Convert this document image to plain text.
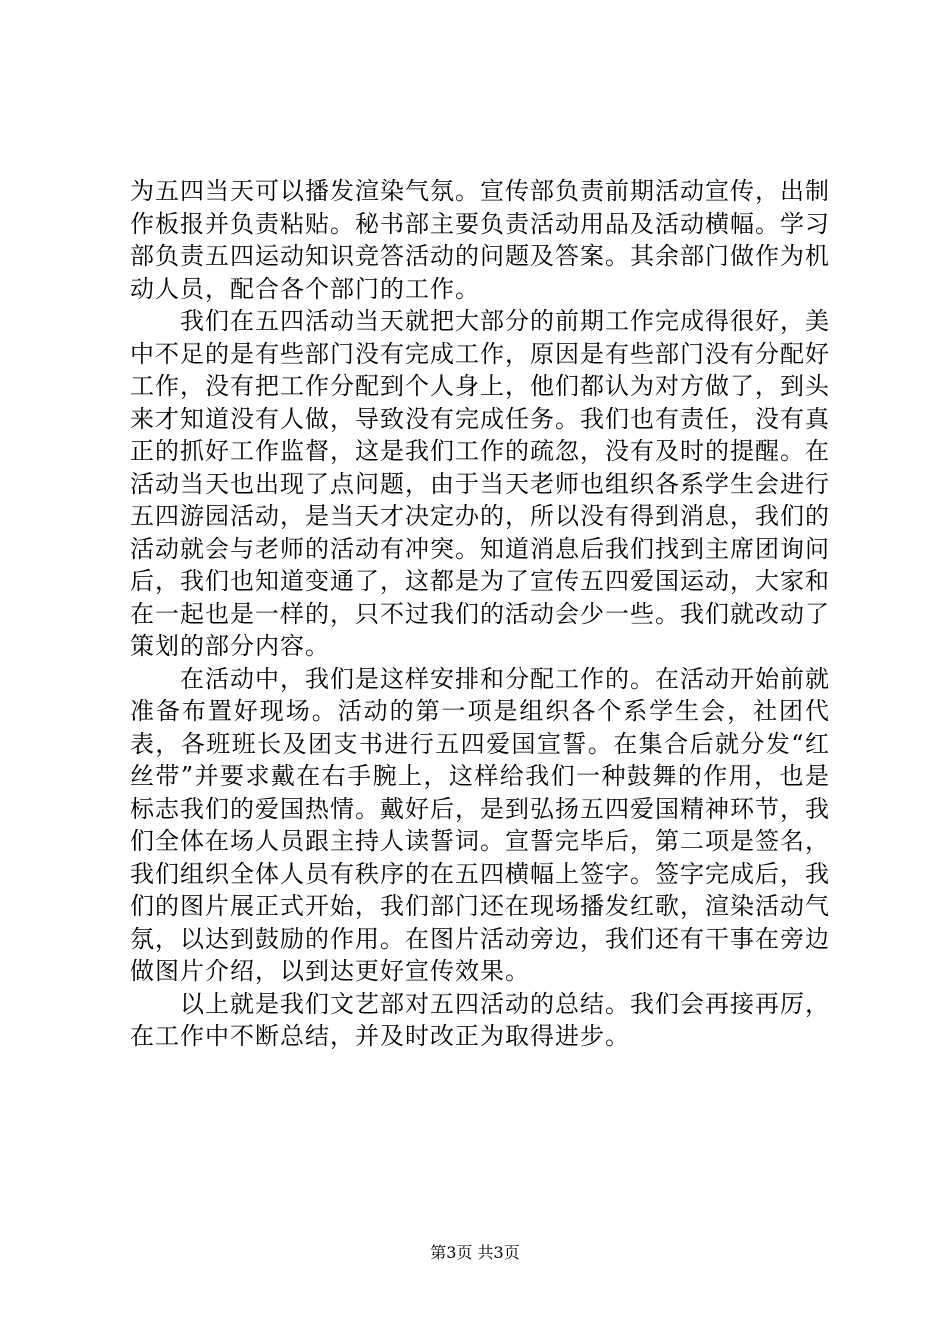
为五四当天可以播发渲染气氛。宣传部负责前期活动宣传，出制作板报并负责粘贴。秘书部主要负责活动用品及活动横幅。学习部负责五四运动知识竞答活动的问题及答案。其余部门做作为机动人员，配合各个部门的工作。

我们在五四活动当天就把大部分的前期工作完成得很好，美中不足的是有些部门没有完成工作，原因是有些部门没有分配好工作，没有把工作分配到个人身上，他们都认为对方做了，到头来才知道没有人做，导致没有完成任务。我们也有责任，没有真正的抓好工作监督，这是我们工作的疏忽，没有及时的提醒。在活动当天也出现了点问题，由于当天老师也组织各系学生会进行五四游园活动，是当天才决定办的，所以没有得到消息，我们的活动就会与老师的活动有冲突。知道消息后我们找到主席团询问后，我们也知道变通了，这都是为了宣传五四爱国运动，大家和在一起也是一样的，只不过我们的活动会少一些。我们就改动了策划的部分内容。

在活动中，我们是这样安排和分配工作的。在活动开始前就准备布置好现场。活动的第一项是组织各个系学生会，社团代表，各班班长及团支书进行五四爱国宣誓。在集合后就分发“红丝带”并要求戴在右手腕上，这样给我们一种鼓舞的作用，也是标志我们的爱国热情。戴好后，是到弘扬五四爱国精神环节，我们全体在场人员跟主持人读誓词。宣誓完毕后，第二项是签名，我们组织全体人员有秩序的在五四横幅上签字。签字完成后，我们的图片展正式开始，我们部门还在现场播发红歌，渲染活动气氛，以达到鼓励的作用。在图片活动旁边，我们还有干事在旁边做图片介绍，以到达更好宣传效果。

以上就是我们文艺部对五四活动的总结。我们会再接再厉，在工作中不断总结，并及时改正为取得进步。

第3页 共3页
